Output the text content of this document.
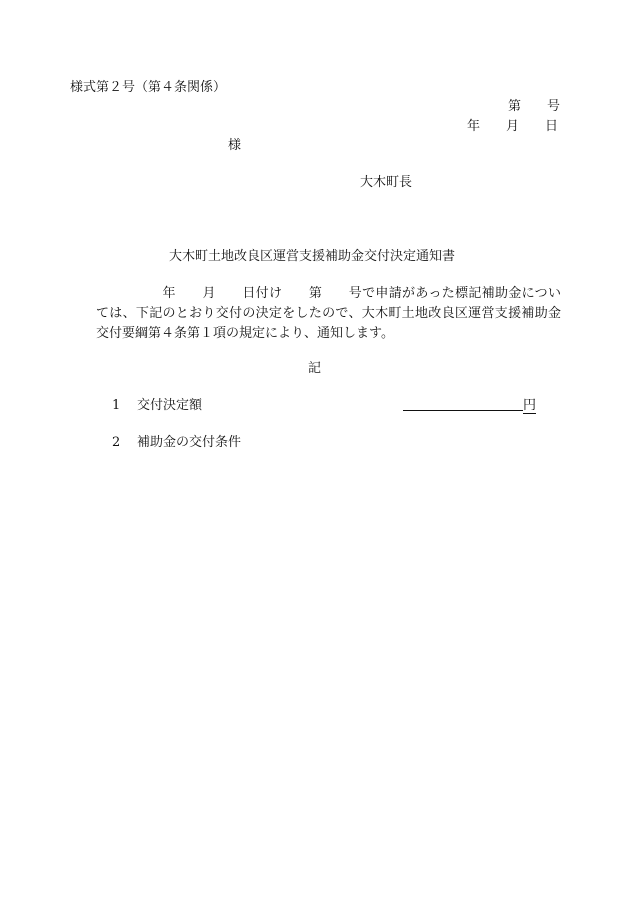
様式第２号（第４条関係）
第　　号
年　　月　　日
様
大木町長
大木町土地改良区運営支援補助金交付決定通知書
　　　　　年　　月　　日付け　　第　　号で申請があった標記補助金については、下記のとおり交付の決定をしたので、大木町土地改良区運営支援補助金交付要綱第４条第１項の規定により、通知します。
記
1 交付決定額	円
2 補助金の交付条件
